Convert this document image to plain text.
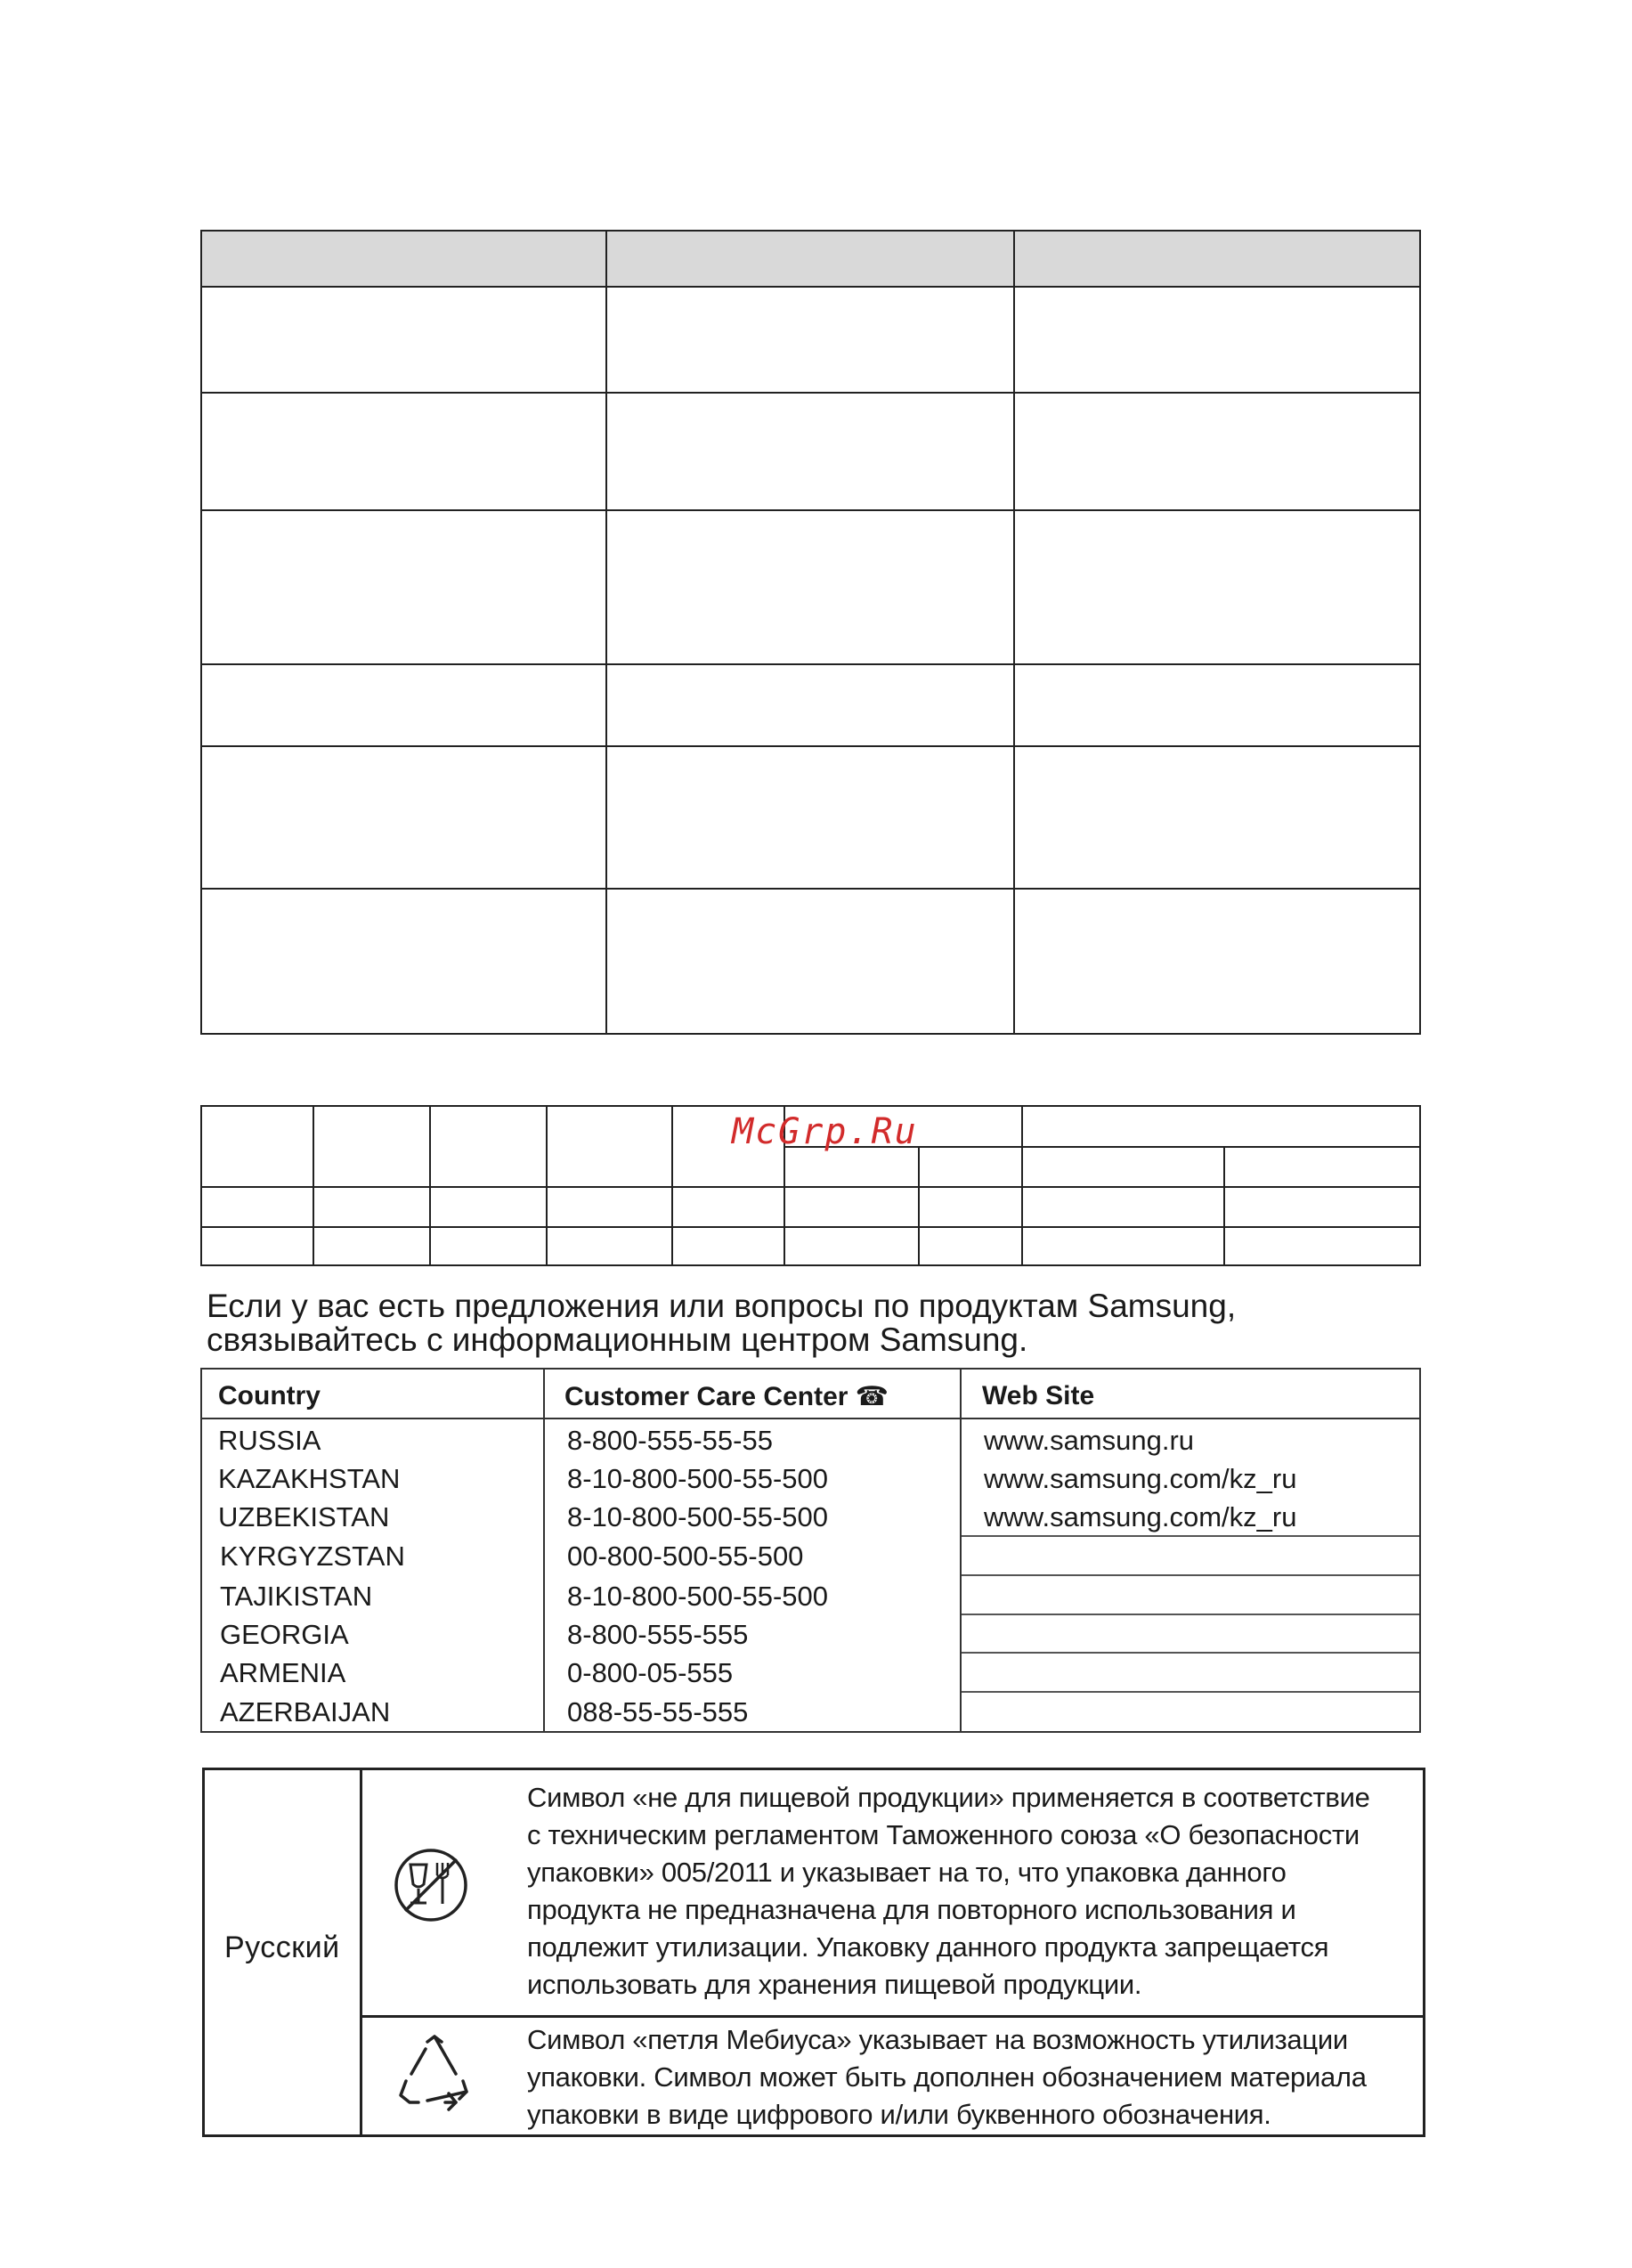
McGrp.Ru
Если у вас есть предложения или вопросы по продуктам Samsung,
связывайтесь с информационным центром Samsung.
Country	Customer Care Center ☎	Web Site
RUSSIA	8-800-555-55-55	www.samsung.ru
KAZAKHSTAN	8-10-800-500-55-500	www.samsung.com/kz_ru
UZBEKISTAN	8-10-800-500-55-500	www.samsung.com/kz_ru
KYRGYZSTAN	00-800-500-55-500
TAJIKISTAN	8-10-800-500-55-500
GEORGIA	8-800-555-555
ARMENIA	0-800-05-555
AZERBAIJAN	088-55-55-555
Русский
Символ «не для пищевой продукции» применяется в соответствие
с техническим регламентом Таможенного союза «О безопасности
упаковки» 005/2011 и указывает на то, что упаковка данного
продукта не предназначена для повторного использования и
подлежит утилизации. Упаковку данного продукта запрещается
использовать для хранения пищевой продукции.
Символ «петля Мебиуса» указывает на возможность утилизации
упаковки. Символ может быть дополнен обозначением материала
упаковки в виде цифрового и/или буквенного обозначения.
